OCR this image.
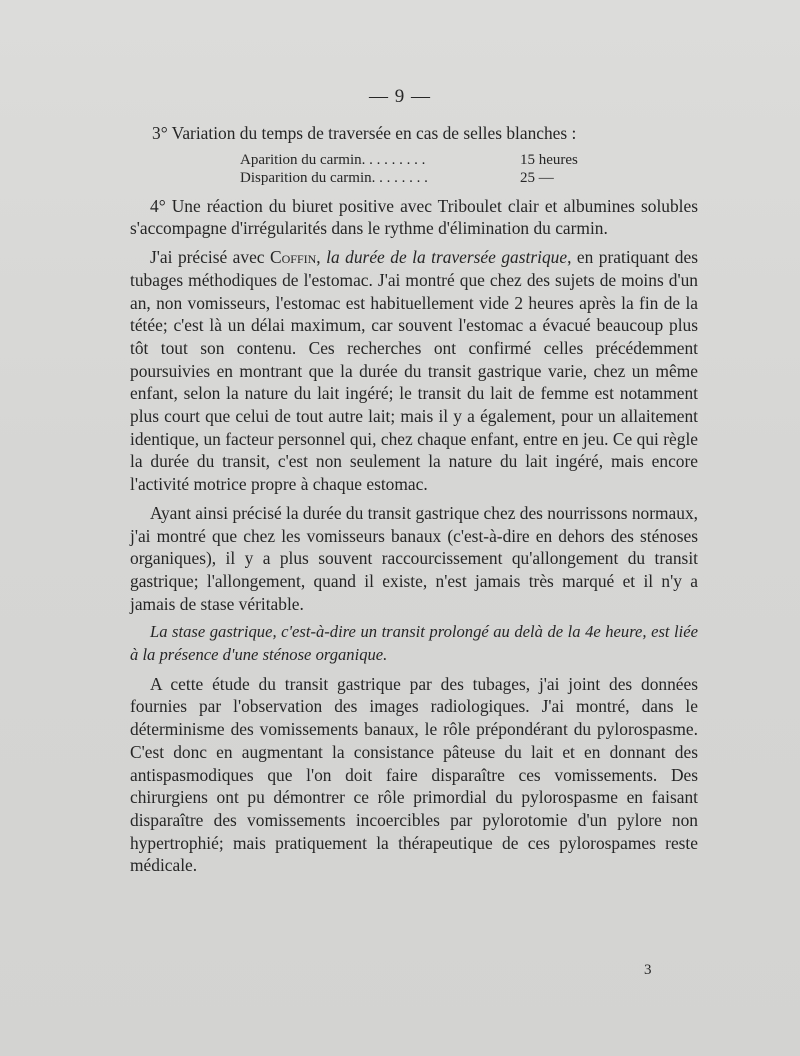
— 9 —
3° Variation du temps de traversée en cas de selles blanches :
Aparition du carmin. . . . . . . . .	15 heures
Disparition du carmin. . . . . . . .	25 —

4° Une réaction du biuret positive avec Triboulet clair et albumines solubles s'accompagne d'irrégularités dans le rythme d'élimination du carmin.

J'ai précisé avec Coffin, la durée de la traversée gastrique, en pratiquant des tubages méthodiques de l'estomac. J'ai montré que chez des sujets de moins d'un an, non vomisseurs, l'estomac est habituellement vide 2 heures après la fin de la tétée; c'est là un délai maximum, car souvent l'estomac a évacué beaucoup plus tôt tout son contenu. Ces recherches ont confirmé celles précédemment poursuivies en montrant que la durée du transit gastrique varie, chez un même enfant, selon la nature du lait ingéré; le transit du lait de femme est notamment plus court que celui de tout autre lait; mais il y a également, pour un allaitement identique, un facteur personnel qui, chez chaque enfant, entre en jeu. Ce qui règle la durée du transit, c'est non seulement la nature du lait ingéré, mais encore l'activité motrice propre à chaque estomac.

Ayant ainsi précisé la durée du transit gastrique chez des nourrissons normaux, j'ai montré que chez les vomisseurs banaux (c'est-à-dire en dehors des sténoses organiques), il y a plus souvent raccourcissement qu'allongement du transit gastrique; l'allongement, quand il existe, n'est jamais très marqué et il n'y a jamais de stase véritable.

La stase gastrique, c'est-à-dire un transit prolongé au delà de la 4e heure, est liée à la présence d'une sténose organique.

A cette étude du transit gastrique par des tubages, j'ai joint des données fournies par l'observation des images radiologiques. J'ai montré, dans le déterminisme des vomissements banaux, le rôle prépondérant du pylorospasme. C'est donc en augmentant la consistance pâteuse du lait et en donnant des antispasmodiques que l'on doit faire disparaître ces vomissements. Des chirurgiens ont pu démontrer ce rôle primordial du pylorospasme en faisant disparaître des vomissements incoercibles par pylorotomie d'un pylore non hypertrophié; mais pratiquement la thérapeutique de ces pylorospames reste médicale.

3
